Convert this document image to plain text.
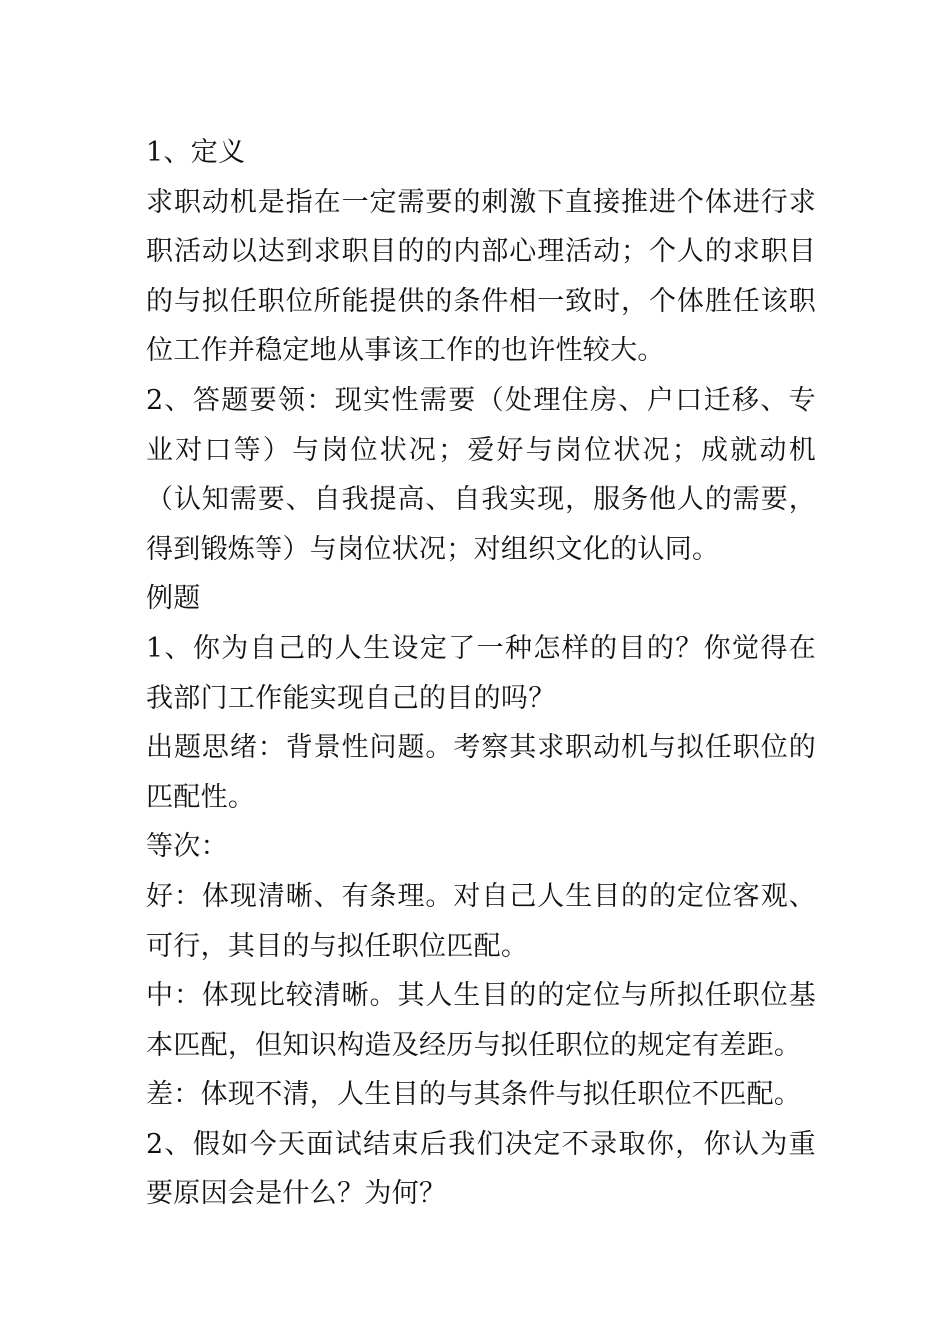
1、定义

求职动机是指在一定需要的刺激下直接推进个体进行求职活动以达到求职目的的内部心理活动；个人的求职目的与拟任职位所能提供的条件相一致时，个体胜任该职位工作并稳定地从事该工作的也许性较大。

2、答题要领：现实性需要（处理住房、户口迁移、专业对口等）与岗位状况；爱好与岗位状况；成就动机（认知需要、自我提高、自我实现，服务他人的需要，得到锻炼等）与岗位状况；对组织文化的认同。

例题

1、你为自己的人生设定了一种怎样的目的？你觉得在我部门工作能实现自己的目的吗？

出题思绪：背景性问题。考察其求职动机与拟任职位的匹配性。

等次：

好：体现清晰、有条理。对自己人生目的的定位客观、可行，其目的与拟任职位匹配。

中：体现比较清晰。其人生目的的定位与所拟任职位基本匹配，但知识构造及经历与拟任职位的规定有差距。

差：体现不清，人生目的与其条件与拟任职位不匹配。

2、假如今天面试结束后我们决定不录取你，你认为重要原因会是什么？为何？
